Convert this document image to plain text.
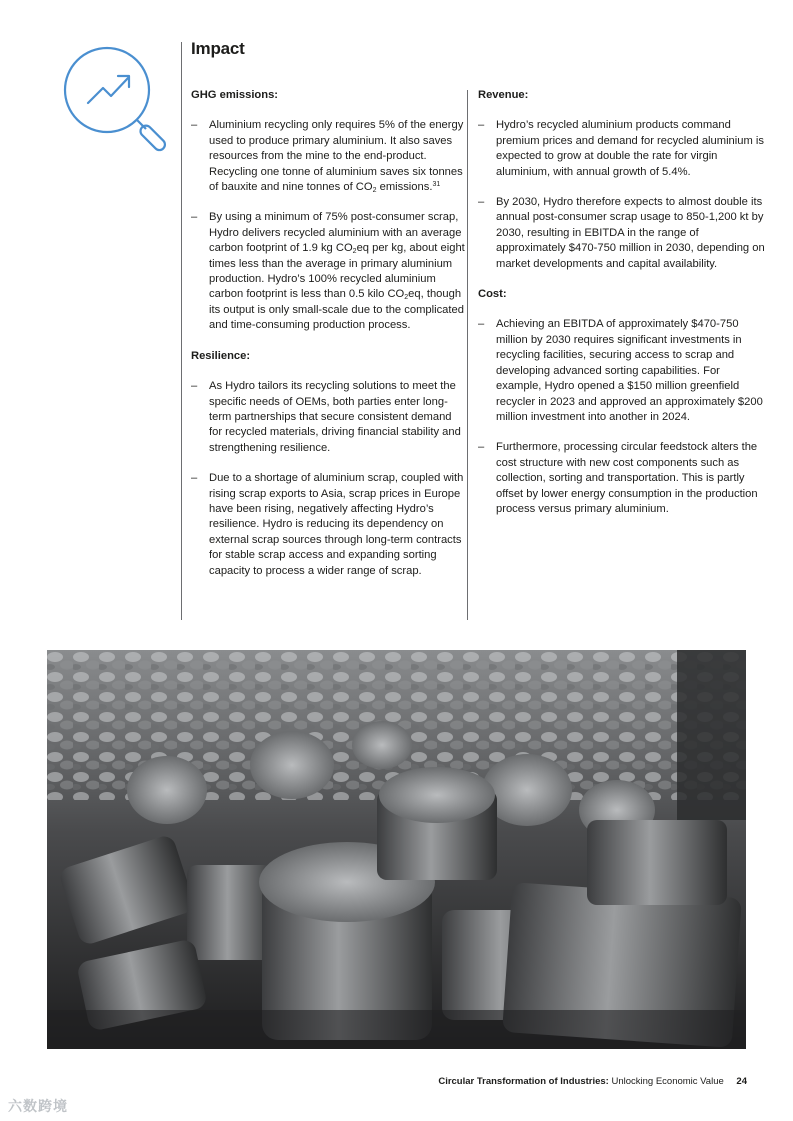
Impact
GHG emissions:
– Aluminium recycling only requires 5% of the energy used to produce primary aluminium. It also saves resources from the mine to the end-product. Recycling one tonne of aluminium saves six tonnes of bauxite and nine tonnes of $CO_2$ emissions.$^{31}$

– By using a minimum of 75% post-consumer scrap, Hydro delivers recycled aluminium with an average carbon footprint of 1.9 kg $CO_2eq$ per kg, about eight times less than the average in primary aluminium production. Hydro’s 100% recycled aluminium carbon footprint is less than 0.5 kilo $CO_2eq$, though its output is only small-scale due to the complicated and time-consuming production process.

Resilience:
– As Hydro tailors its recycling solutions to meet the specific needs of OEMs, both parties enter long-term partnerships that secure consistent demand for recycled materials, driving financial stability and strengthening resilience.

– Due to a shortage of aluminium scrap, coupled with rising scrap exports to Asia, scrap prices in Europe have been rising, negatively affecting Hydro’s resilience. Hydro is reducing its dependency on external scrap sources through long-term contracts for stable scrap access and expanding sorting capacity to process a wider range of scrap.

Revenue:
– Hydro’s recycled aluminium products command premium prices and demand for recycled aluminium is expected to grow at double the rate for virgin aluminium, with annual growth of 5.4%.

– By 2030, Hydro therefore expects to almost double its annual post-consumer scrap usage to 850-1,200 kt by 2030, resulting in EBITDA in the range of approximately $470-750 million in 2030, depending on market developments and capital availability.

Cost:
– Achieving an EBITDA of approximately $470-750 million by 2030 requires significant investments in recycling facilities, securing access to scrap and developing advanced sorting capabilities. For example, Hydro opened a $150 million greenfield recycler in 2023 and approved an approximately $200 million investment into another in 2024.

– Furthermore, processing circular feedstock alters the cost structure with new cost components such as collection, sorting and transportation. This is partly offset by lower energy consumption in the production process versus primary aluminium.

Circular Transformation of Industries: Unlocking Economic Value 24
六数跨境
